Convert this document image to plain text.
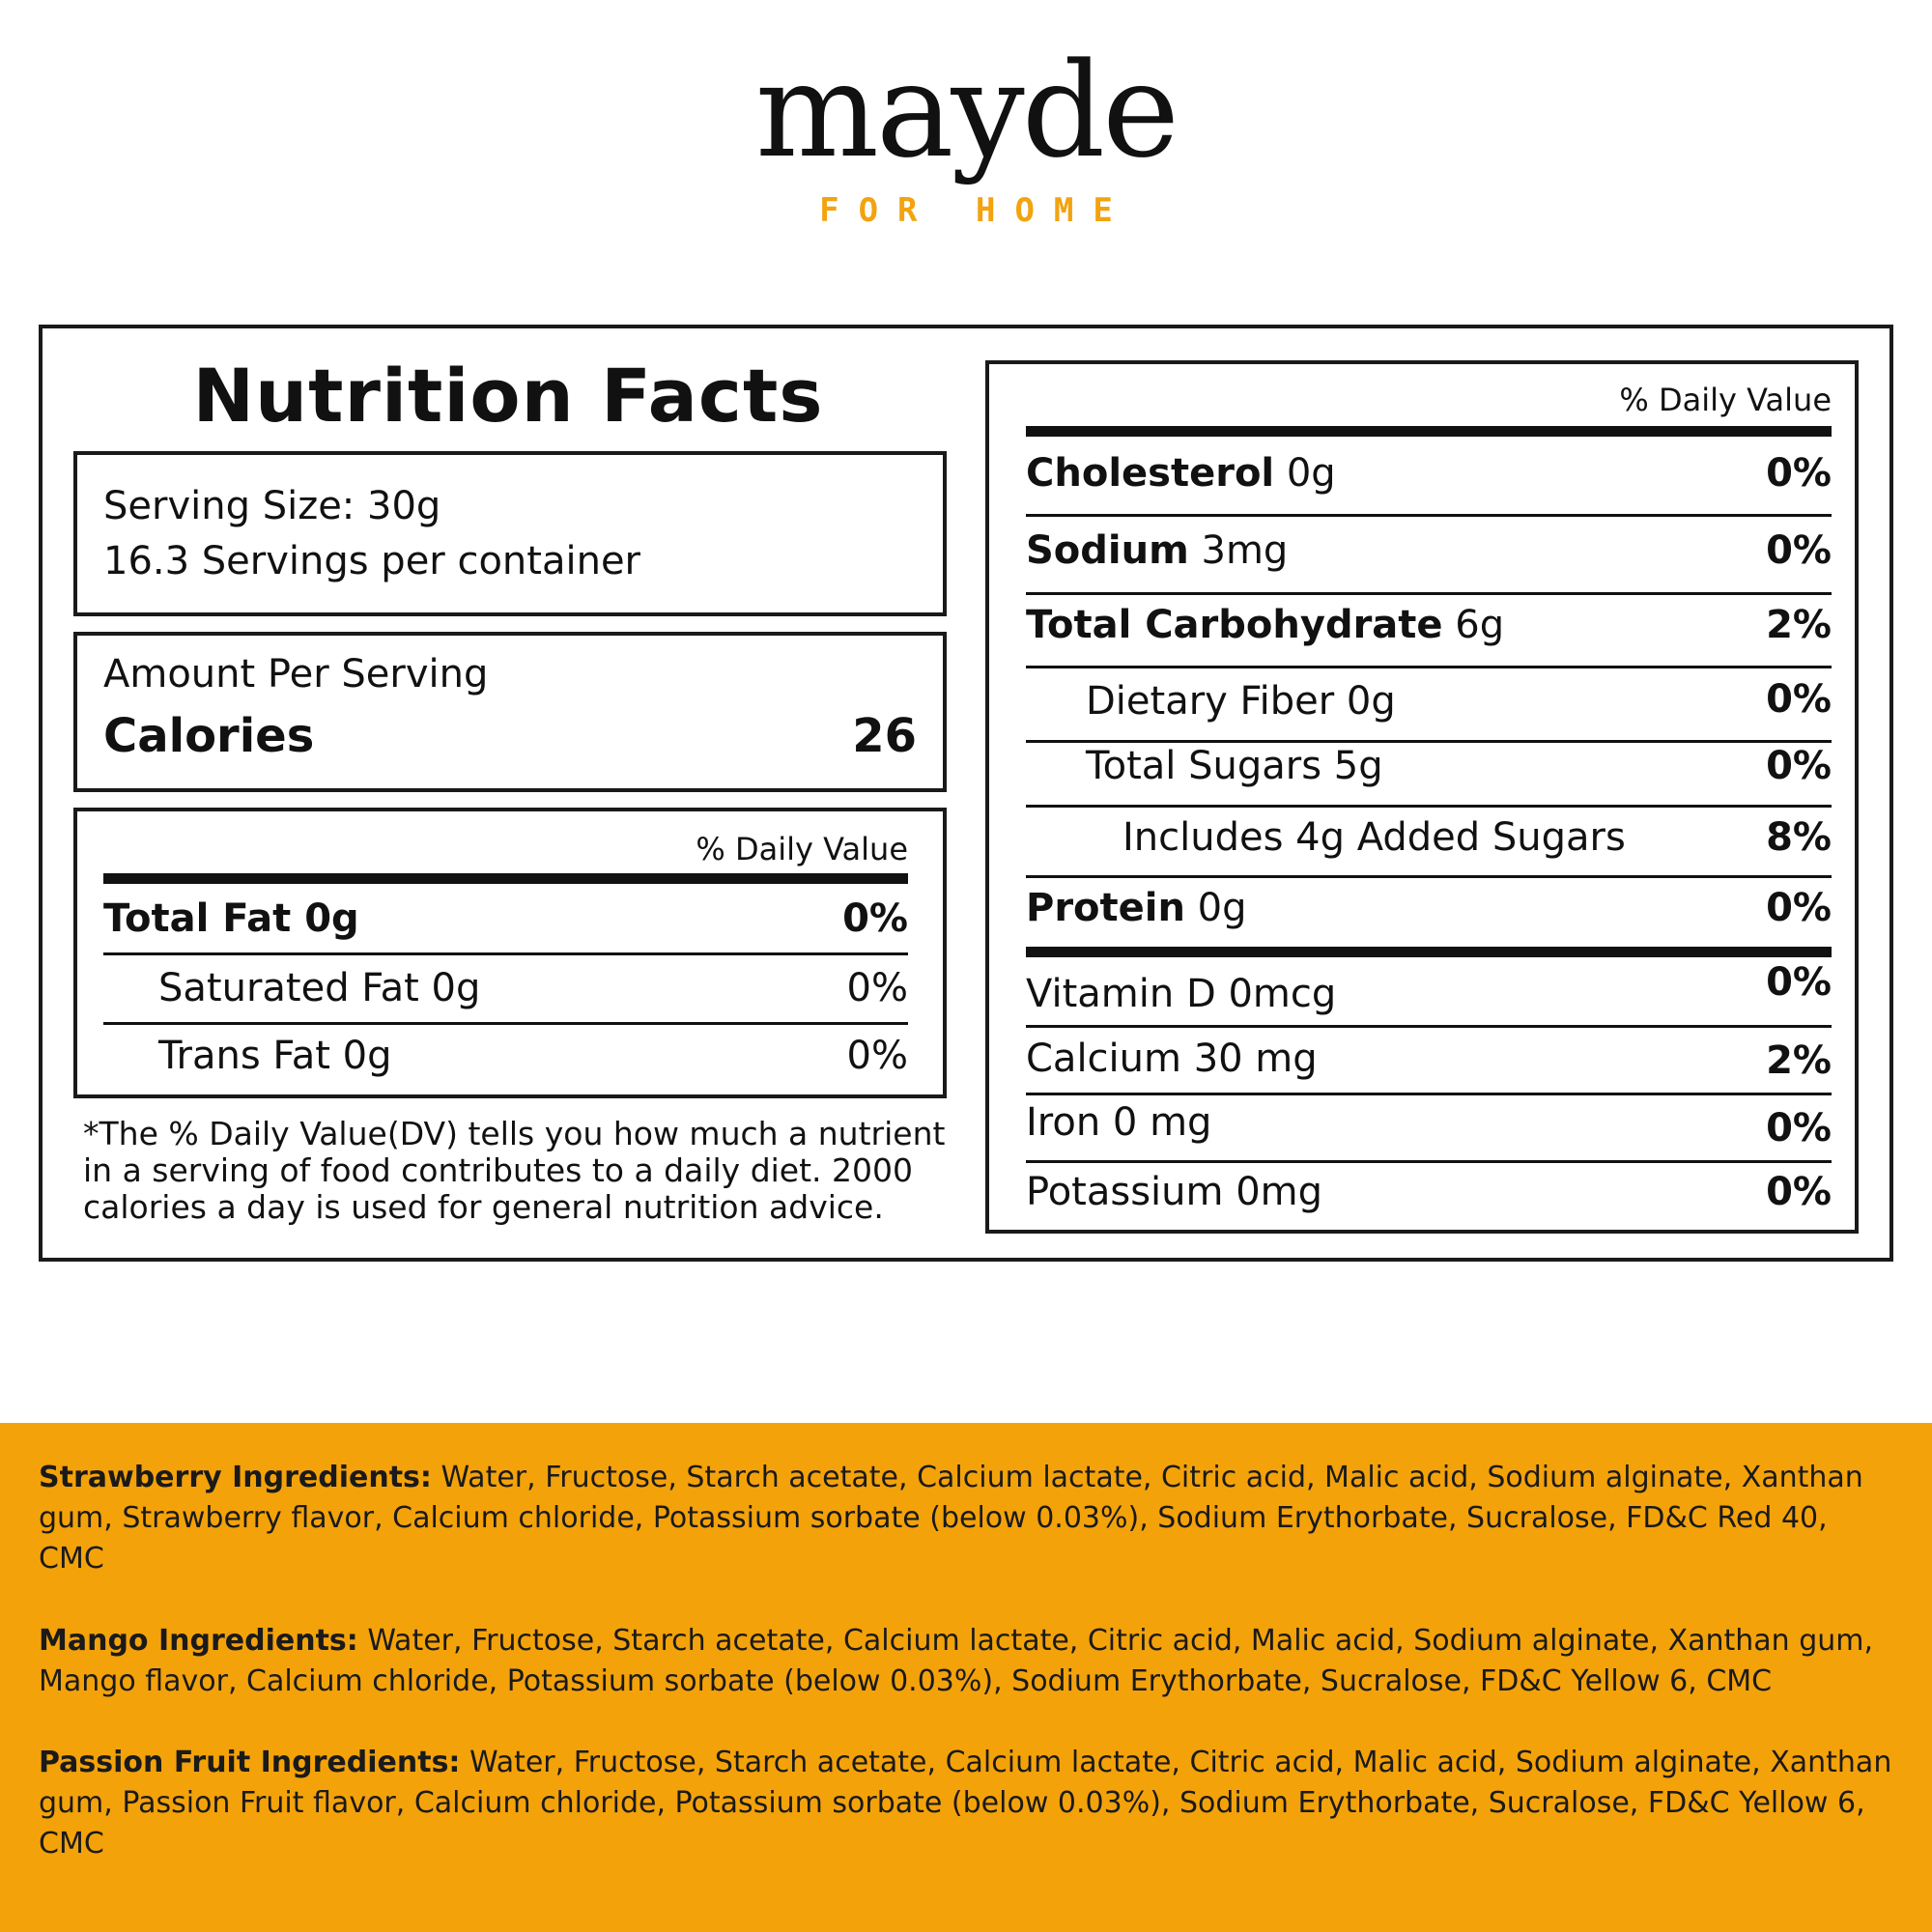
mayde
FOR HOME
Nutrition Facts
Serving Size: 30g
16.3 Servings per container
Amount Per Serving
Calories	26
% Daily Value
Total Fat 0g	0%
Saturated Fat 0g	0%
Trans Fat 0g	0%
*The % Daily Value(DV) tells you how much a nutrient in a serving of food contributes to a daily diet. 2000 calories a day is used for general nutrition advice.
% Daily Value
Cholesterol 0g	0%
Sodium 3mg	0%
Total Carbohydrate 6g	2%
Dietary Fiber 0g	0%
Total Sugars 5g	0%
Includes 4g Added Sugars	8%
Protein 0g	0%
Vitamin D 0mcg	0%
Calcium 30 mg	2%
Iron 0 mg	0%
Potassium 0mg	0%

Strawberry Ingredients: Water, Fructose, Starch acetate, Calcium lactate, Citric acid, Malic acid, Sodium alginate, Xanthan gum, Strawberry flavor, Calcium chloride, Potassium sorbate (below 0.03%), Sodium Erythorbate, Sucralose, FD&C Red 40, CMC

Mango Ingredients: Water, Fructose, Starch acetate, Calcium lactate, Citric acid, Malic acid, Sodium alginate, Xanthan gum, Mango flavor, Calcium chloride, Potassium sorbate (below 0.03%), Sodium Erythorbate, Sucralose, FD&C Yellow 6, CMC

Passion Fruit Ingredients: Water, Fructose, Starch acetate, Calcium lactate, Citric acid, Malic acid, Sodium alginate, Xanthan gum, Passion Fruit flavor, Calcium chloride, Potassium sorbate (below 0.03%), Sodium Erythorbate, Sucralose, FD&C Yellow 6, CMC
